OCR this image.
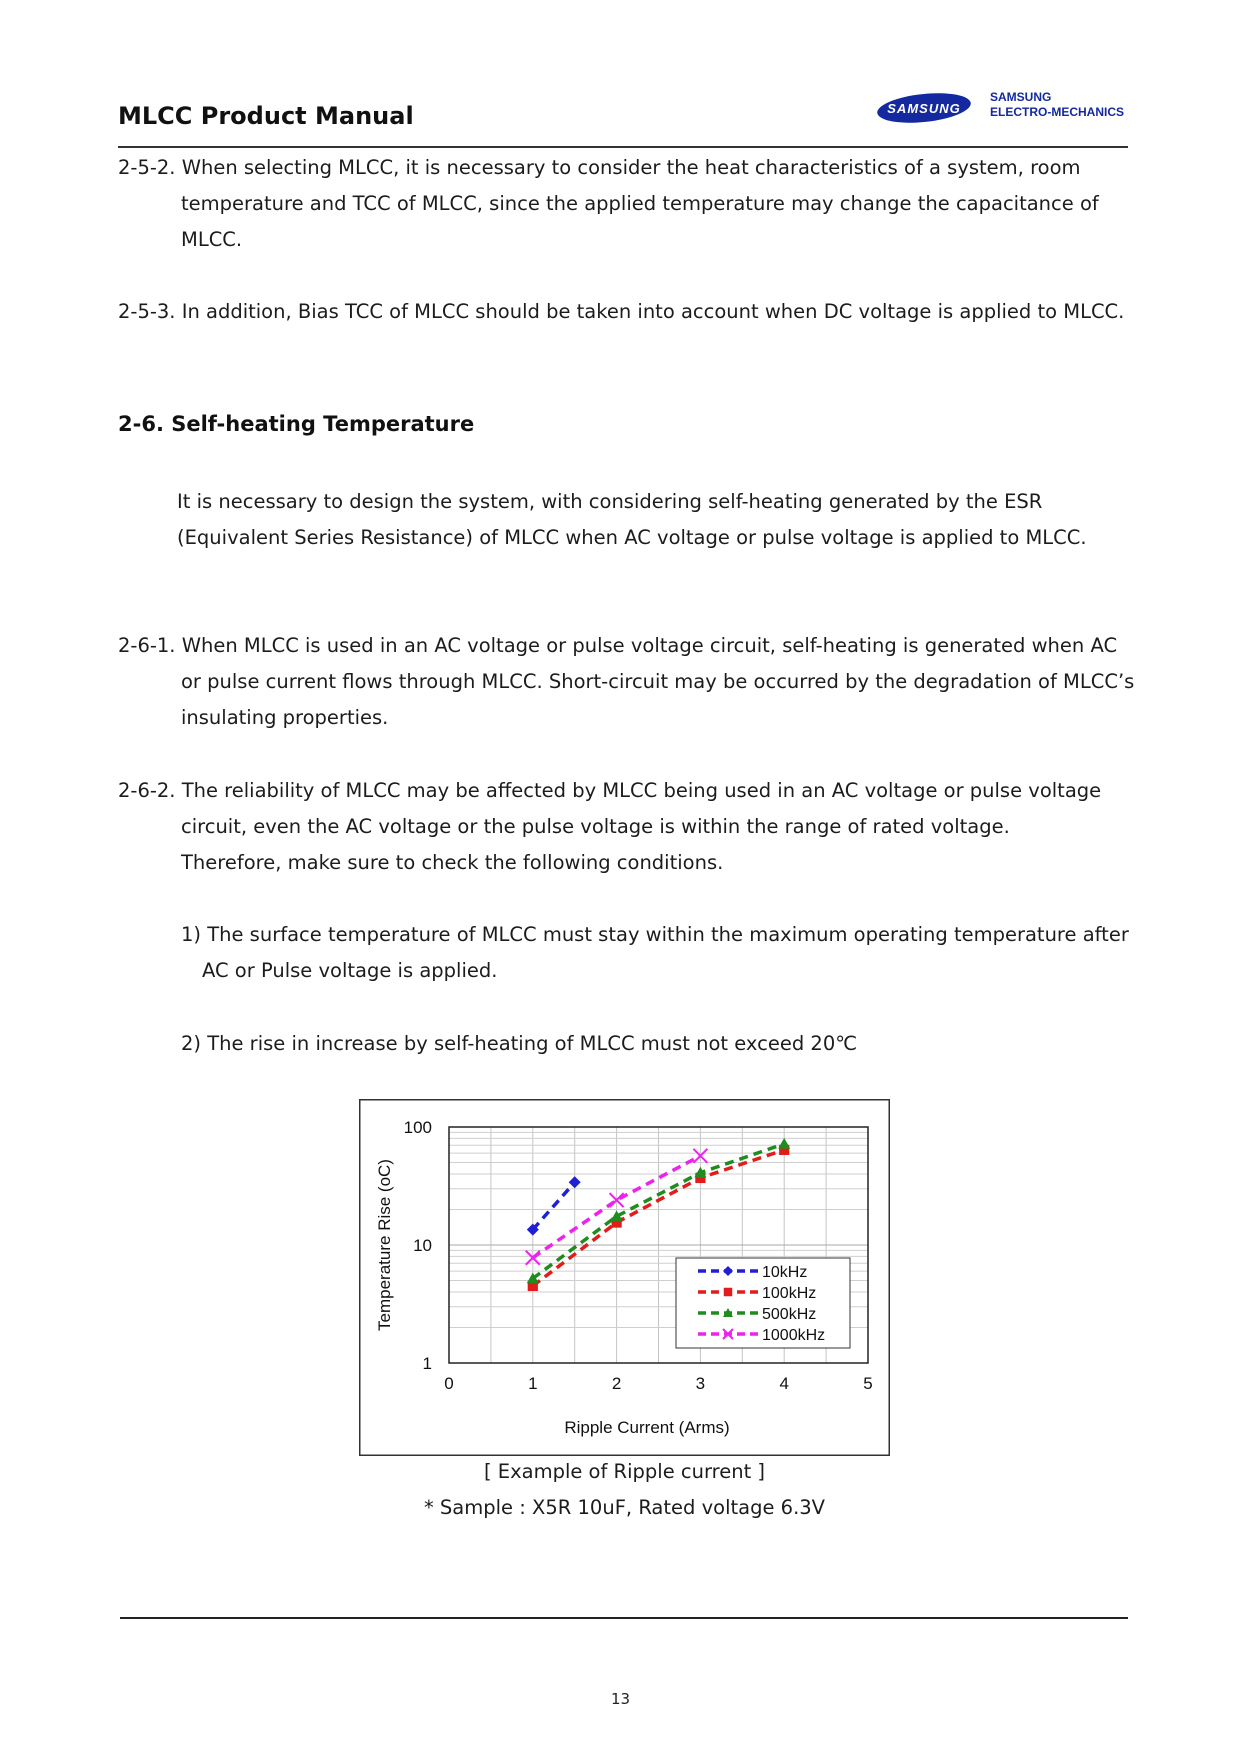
MLCC Product Manual	SAMSUNG
SAMSUNG
ELECTRO-MECHANICS
2-5-2. When selecting MLCC, it is necessary to consider the heat characteristics of a system, room
temperature and TCC of MLCC, since the applied temperature may change the capacitance of
MLCC.
2-5-3. In addition, Bias TCC of MLCC should be taken into account when DC voltage is applied to MLCC.
2-6. Self-heating Temperature
It is necessary to design the system, with considering self-heating generated by the ESR
(Equivalent Series Resistance) of MLCC when AC voltage or pulse voltage is applied to MLCC.
2-6-1. When MLCC is used in an AC voltage or pulse voltage circuit, self-heating is generated when AC
or pulse current flows through MLCC. Short-circuit may be occurred by the degradation of MLCC’s
insulating properties.
2-6-2. The reliability of MLCC may be affected by MLCC being used in an AC voltage or pulse voltage
circuit, even the AC voltage or the pulse voltage is within the range of rated voltage.
Therefore, make sure to check the following conditions.
1) The surface temperature of MLCC must stay within the maximum operating temperature after
AC or Pulse voltage is applied.
2) The rise in increase by self-heating of MLCC must not exceed 20℃
0	1	2	3	4	5
1
10
100
Ripple Current (Arms)
Temperature Rise (oC)	10kHz
100kHz
500kHz
1000kHz
[ Example of Ripple current ]
* Sample : X5R 10uF, Rated voltage 6.3V
13
